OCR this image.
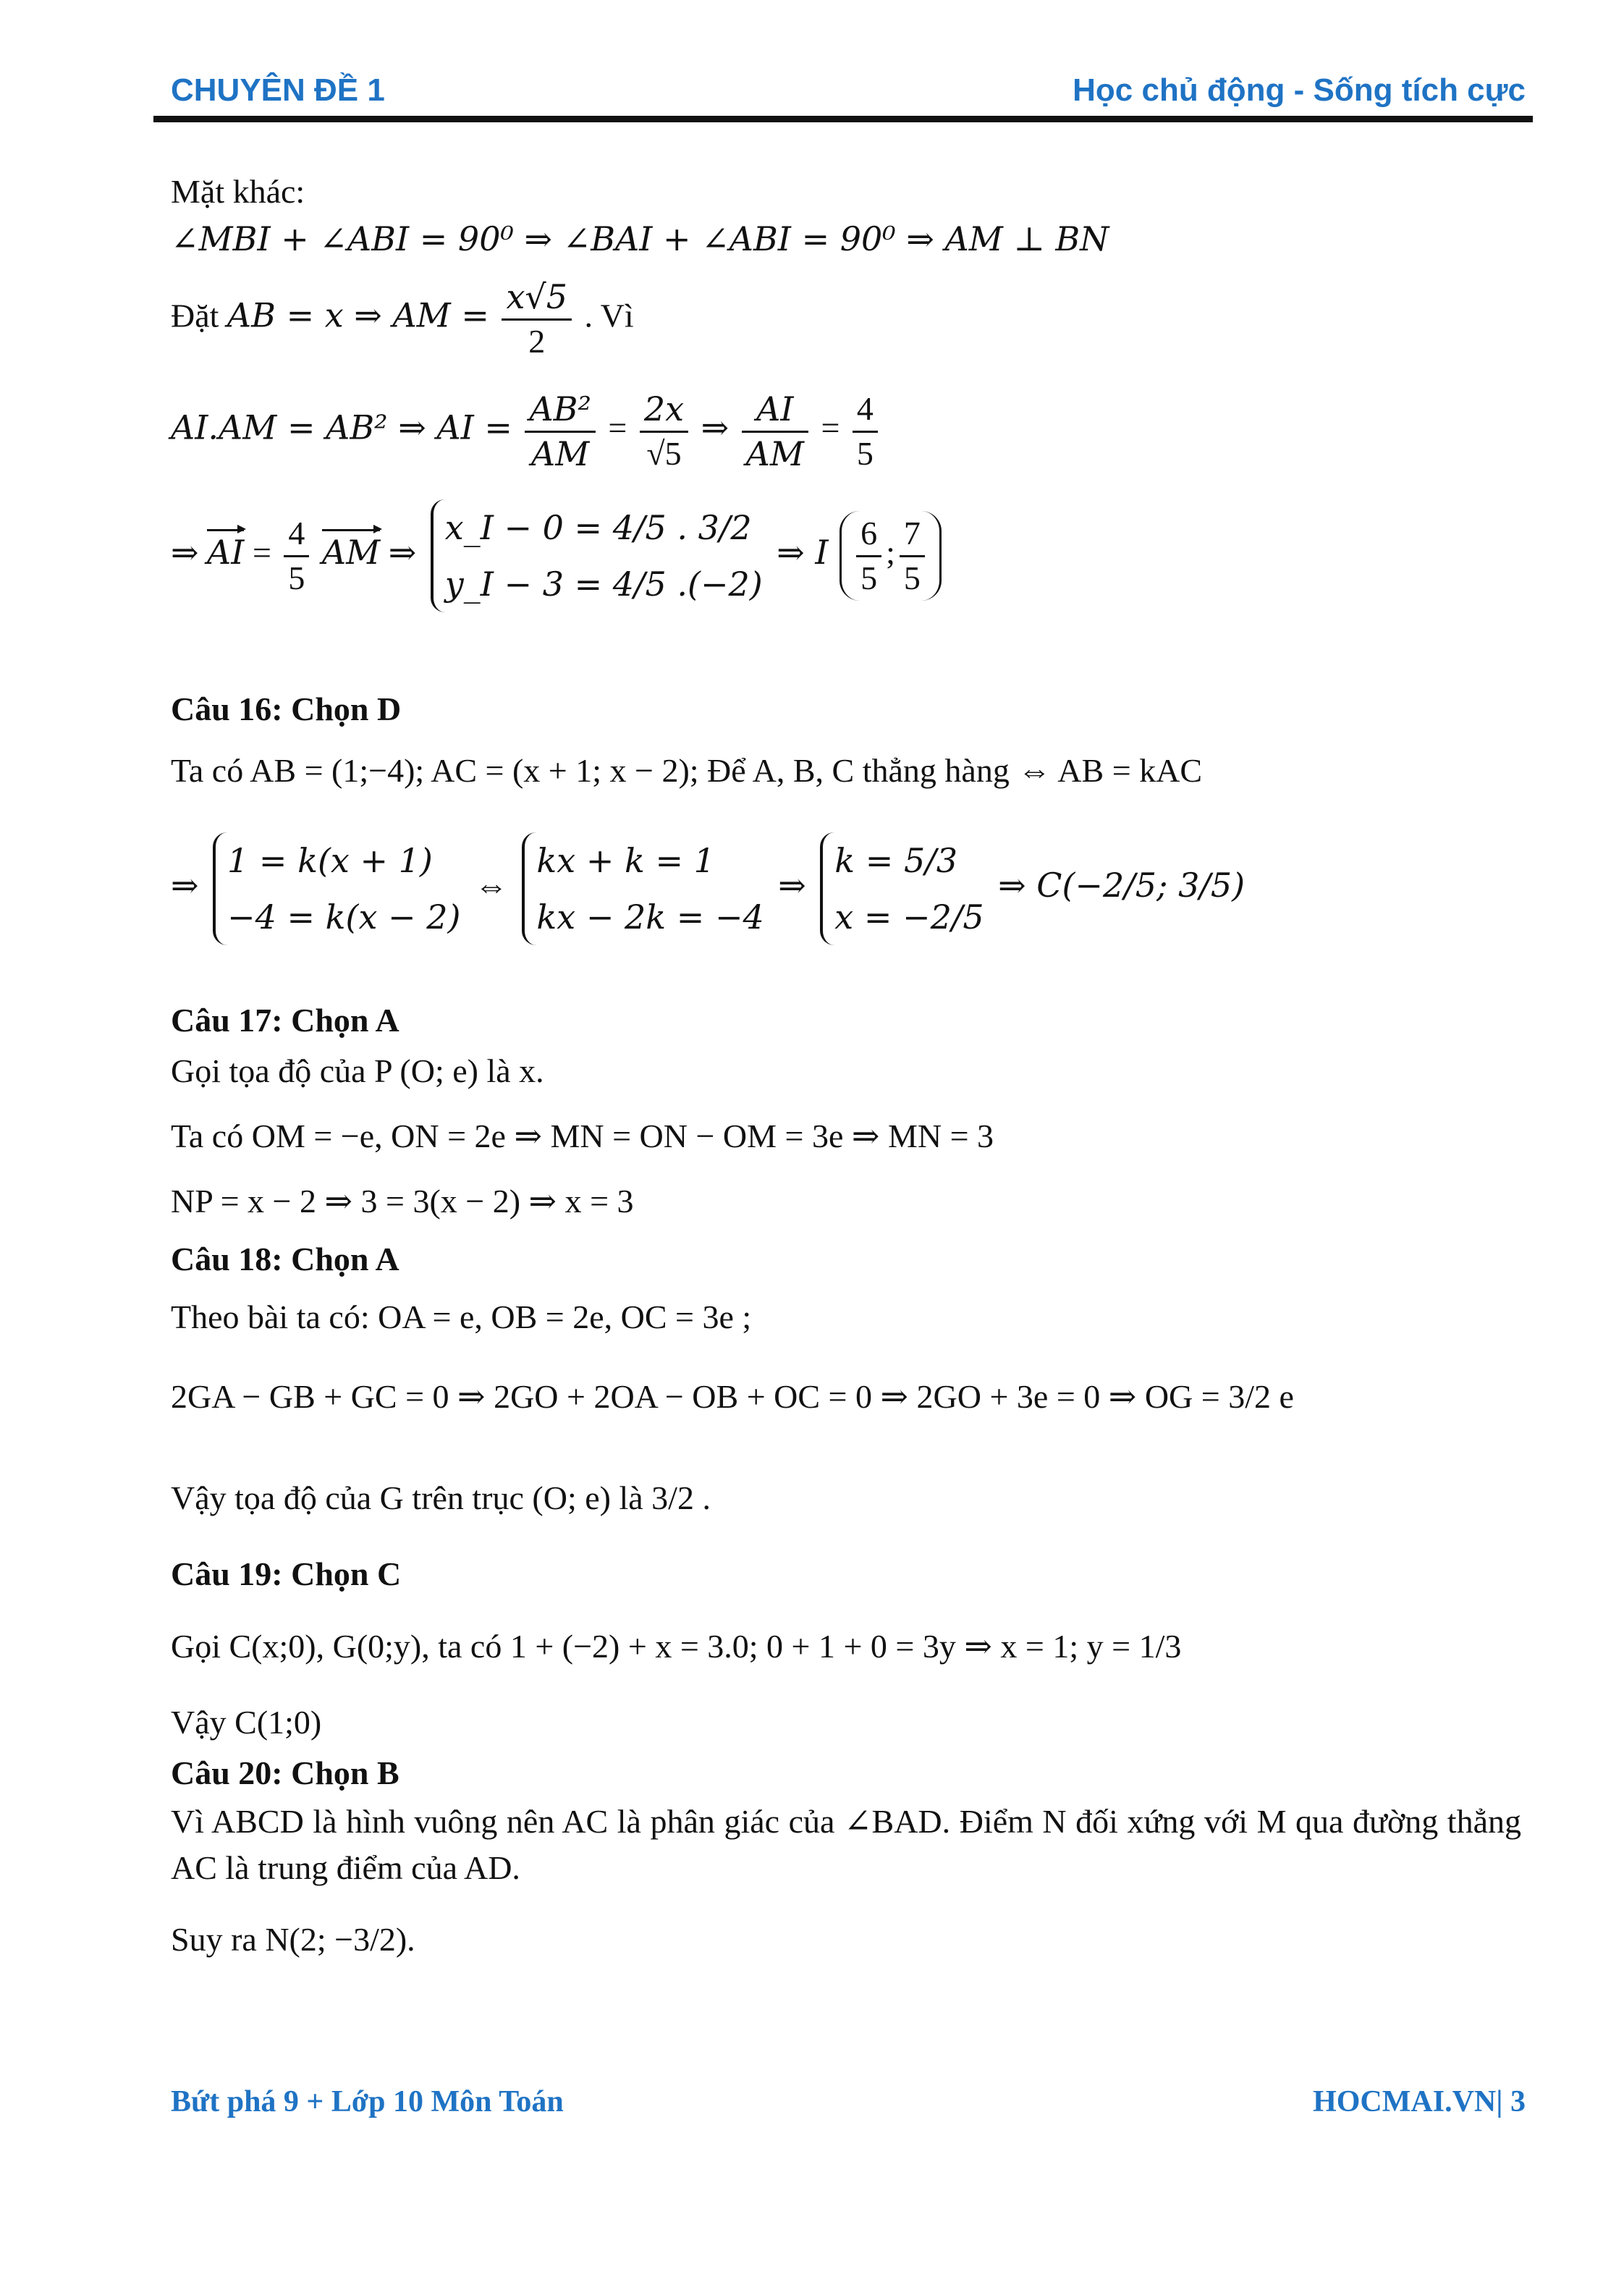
CHUYÊN ĐỀ 1	Học chủ động - Sống tích cực
Mặt khác:
∠MBI + ∠ABI = 90⁰ ⇒ ∠BAI + ∠ABI = 90⁰ ⇒ AM ⊥ BN
Đặt AB = x ⇒ AM = $\frac{x√5}{2}$ . Vì
AI.AM = AB² ⇒ AI = $\frac{\text{AB²}}{AM} = \frac{2x}{√5}$ ⇒ $\frac{AI}{AM} = \frac{4}{5}$
⇒ AI = $\frac{4}{5}$ AM ⇒
x_I − 0 = 4/5 . 3/2
y_I − 3 = 4/5 .(−2)
⇒ I $\frac{6}{5}$ ; $\frac{7}{5}$
Câu 16: Chọn D
Ta có AB = (1;−4); AC = (x + 1; x − 2); Để A, B, C thẳng hàng ⇔ AB = kAC
⇒
1 = k(x + 1)
−4 = k(x − 2)
⇔
kx + k = 1
kx − 2k = −4
⇒
k = 5/3
x = −2/5
⇒ C(−2/5; 3/5)
Câu 17: Chọn A
Gọi tọa độ của P (O; e) là x.
Ta có OM = −e, ON = 2e ⇒ MN = ON − OM = 3e ⇒ MN = 3
NP = x − 2 ⇒ 3 = 3(x − 2) ⇒ x = 3
Câu 18: Chọn A
Theo bài ta có: OA = e, OB = 2e, OC = 3e ;
2GA − GB + GC = 0 ⇒ 2GO + 2OA − OB + OC = 0 ⇒ 2GO + 3e = 0 ⇒ OG = 3/2 e
Vậy tọa độ của G trên trục (O; e) là 3/2 .
Câu 19: Chọn C
Gọi C(x;0), G(0;y), ta có 1 + (−2) + x = 3.0; 0 + 1 + 0 = 3y ⇒ x = 1; y = 1/3
Vậy C(1;0)
Câu 20: Chọn B
Vì ABCD là hình vuông nên AC là phân giác của ∠BAD. Điểm N đối xứng với M qua đường thẳng AC là trung điểm của AD.
Suy ra N(2; −3/2).
Bứt phá 9 + Lớp 10 Môn Toán	HOCMAI.VN| 3
